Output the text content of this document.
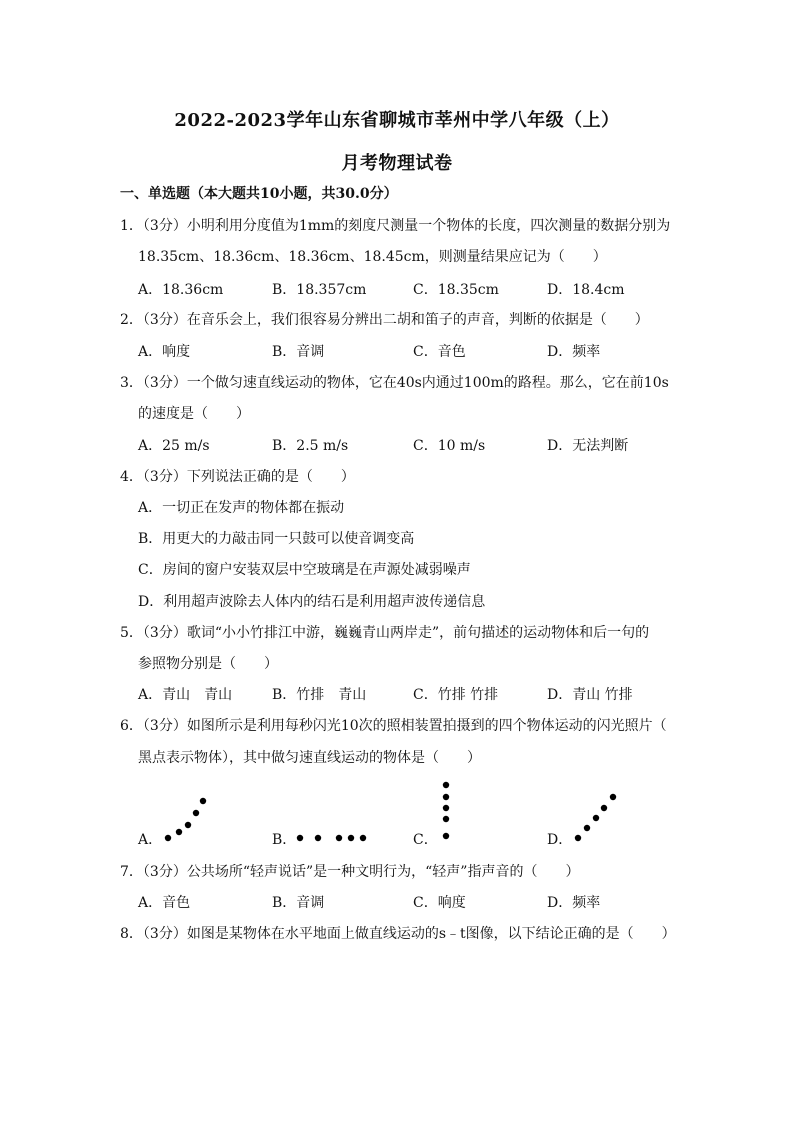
2022-2023学年山东省聊城市莘州中学八年级（上）
月考物理试卷
一、单选题（本大题共10小题，共30.0分）
1．（3分）小明利用分度值为1mm的刻度尺测量一个物体的长度，四次测量的数据分别为
18.35cm、18.36cm、18.36cm、18.45cm，则测量结果应记为（　　）
A．18.36cm	B．18.357cm	C．18.35cm	D．18.4cm
2．（3分）在音乐会上，我们很容易分辨出二胡和笛子的声音，判断的依据是（　　）
A．响度	B．音调	C．音色	D．频率
3．（3分）一个做匀速直线运动的物体，它在40s内通过100m的路程。那么，它在前10s
的速度是（　　）
A．25 m/s	B．2.5 m/s	C．10 m/s	D．无法判断
4．（3分）下列说法正确的是（　　）
A．一切正在发声的物体都在振动
B．用更大的力敲击同一只鼓可以使音调变高
C．房间的窗户安装双层中空玻璃是在声源处减弱噪声
D．利用超声波除去人体内的结石是利用超声波传递信息
5．（3分）歌词“小小竹排江中游，巍巍青山两岸走”，前句描述的运动物体和后一句的
参照物分别是（　　）
A．青山　青山	B．竹排　青山	C．竹排 竹排	D．青山 竹排
6．（3分）如图所示是利用每秒闪光10次的照相装置拍摄到的四个物体运动的闪光照片（
黑点表示物体），其中做匀速直线运动的物体是（　　）
A．	B．	C．	D．
7．（3分）公共场所“轻声说话”是一种文明行为，“轻声”指声音的（　　）
A．音色	B．音调	C．响度	D．频率
8．（3分）如图是某物体在水平地面上做直线运动的s﹣t图像，以下结论正确的是（　　）
